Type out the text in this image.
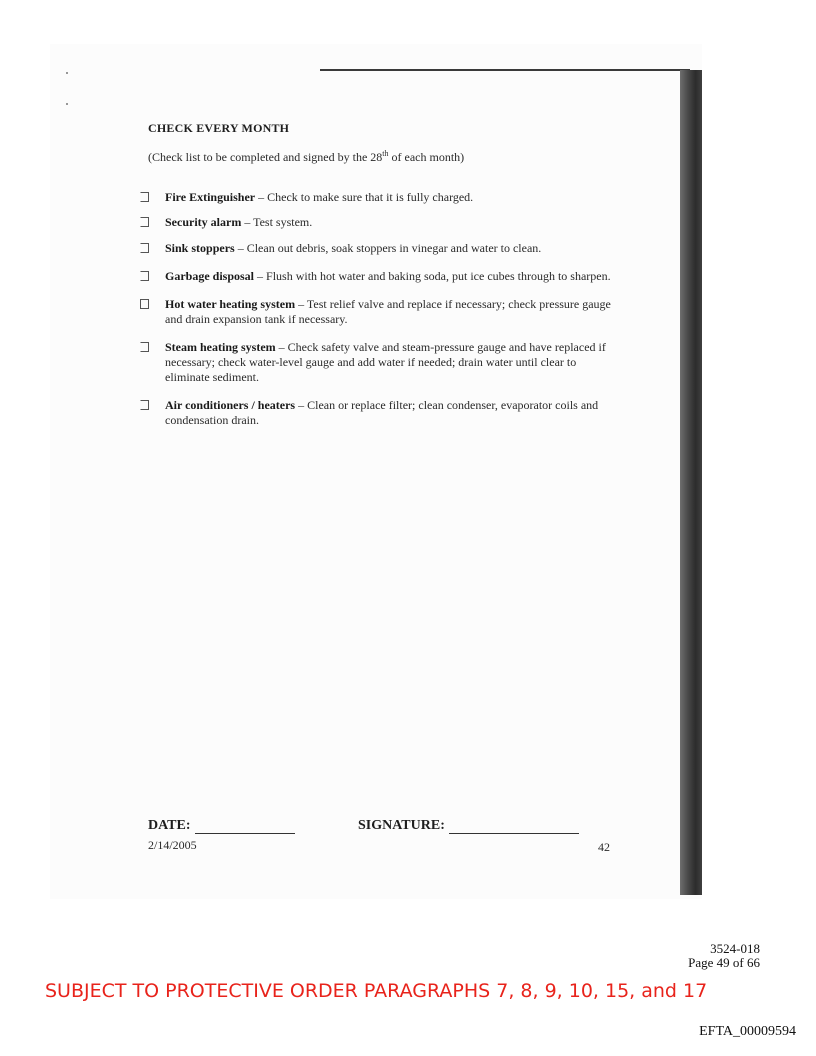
CHECK EVERY MONTH
(Check list to be completed and signed by the 28th of each month)
Fire Extinguisher – Check to make sure that it is fully charged.
Security alarm – Test system.
Sink stoppers – Clean out debris, soak stoppers in vinegar and water to clean.
Garbage disposal – Flush with hot water and baking soda, put ice cubes through to sharpen.
Hot water heating system – Test relief valve and replace if necessary; check pressure gauge and drain expansion tank if necessary.
Steam heating system – Check safety valve and steam-pressure gauge and have replaced if necessary; check water-level gauge and add water if needed; drain water until clear to eliminate sediment.
Air conditioners / heaters – Clean or replace filter; clean condenser, evaporator coils and condensation drain.
DATE:	SIGNATURE:
2/14/2005	42
3524-018
Page 49 of 66
SUBJECT TO PROTECTIVE ORDER PARAGRAPHS 7, 8, 9, 10, 15, and 17
EFTA_00009594
